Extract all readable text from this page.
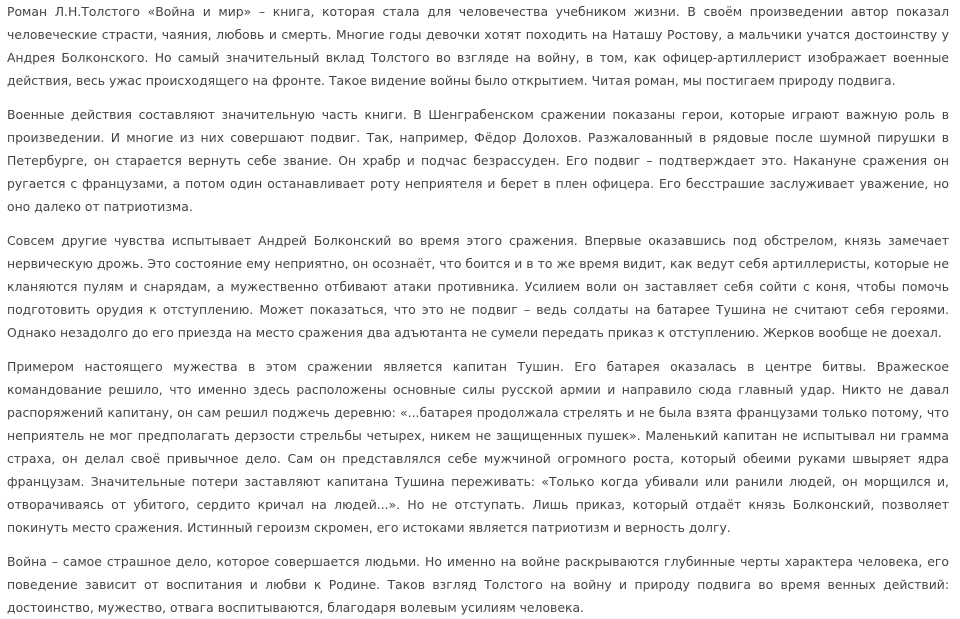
Роман Л.Н.Толстого «Война и мир» – книга, которая стала для человечества учебником жизни. В своём произведении автор показал человеческие страсти, чаяния, любовь и смерть. Многие годы девочки хотят походить на Наташу Ростову, а мальчики учатся достоинству у Андрея Болконского. Но самый значительный вклад Толстого во взгляде на войну, в том, как офицер-артиллерист изображает военные действия, весь ужас происходящего на фронте. Такое видение войны было открытием. Читая роман, мы постигаем природу подвига.

Военные действия составляют значительную часть книги. В Шенграбенском сражении показаны герои, которые играют важную роль в произведении. И многие из них совершают подвиг. Так, например, Фёдор Долохов. Разжалованный в рядовые после шумной пирушки в Петербурге, он старается вернуть себе звание. Он храбр и подчас безрассуден. Его подвиг – подтверждает это. Накануне сражения он ругается с французами, а потом один останавливает роту неприятеля и берет в плен офицера. Его бесстрашие заслуживает уважение, но оно далеко от патриотизма.

Совсем другие чувства испытывает Андрей Болконский во время этого сражения. Впервые оказавшись под обстрелом, князь замечает нервическую дрожь. Это состояние ему неприятно, он осознаёт, что боится и в то же время видит, как ведут себя артиллеристы, которые не кланяются пулям и снарядам, а мужественно отбивают атаки противника. Усилием воли он заставляет себя сойти с коня, чтобы помочь подготовить орудия к отступлению. Может показаться, что это не подвиг – ведь солдаты на батарее Тушина не считают себя героями. Однако незадолго до его приезда на место сражения два адъютанта не сумели передать приказ к отступлению. Жерков вообще не доехал.

Примером настоящего мужества в этом сражении является капитан Тушин. Его батарея оказалась в центре битвы. Вражеское командование решило, что именно здесь расположены основные силы русской армии и направило сюда главный удар. Никто не давал распоряжений капитану, он сам решил поджечь деревню: «...батарея продолжала стрелять и не была взята французами только потому, что неприятель не мог предполагать дерзости стрельбы четырех, никем не защищенных пушек». Маленький капитан не испытывал ни грамма страха, он делал своё привычное дело. Сам он представлялся себе мужчиной огромного роста, который обеими руками швыряет ядра французам. Значительные потери заставляют капитана Тушина переживать: «Только когда убивали или ранили людей, он морщился и, отворачиваясь от убитого, сердито кричал на людей...». Но не отступать. Лишь приказ, который отдаёт князь Болконский, позволяет покинуть место сражения. Истинный героизм скромен, его истоками является патриотизм и верность долгу.

Война – самое страшное дело, которое совершается людьми. Но именно на войне раскрываются глубинные черты характера человека, его поведение зависит от воспитания и любви к Родине. Таков взгляд Толстого на войну и природу подвига во время венных действий: достоинство, мужество, отвага воспитываются, благодаря волевым усилиям человека.
